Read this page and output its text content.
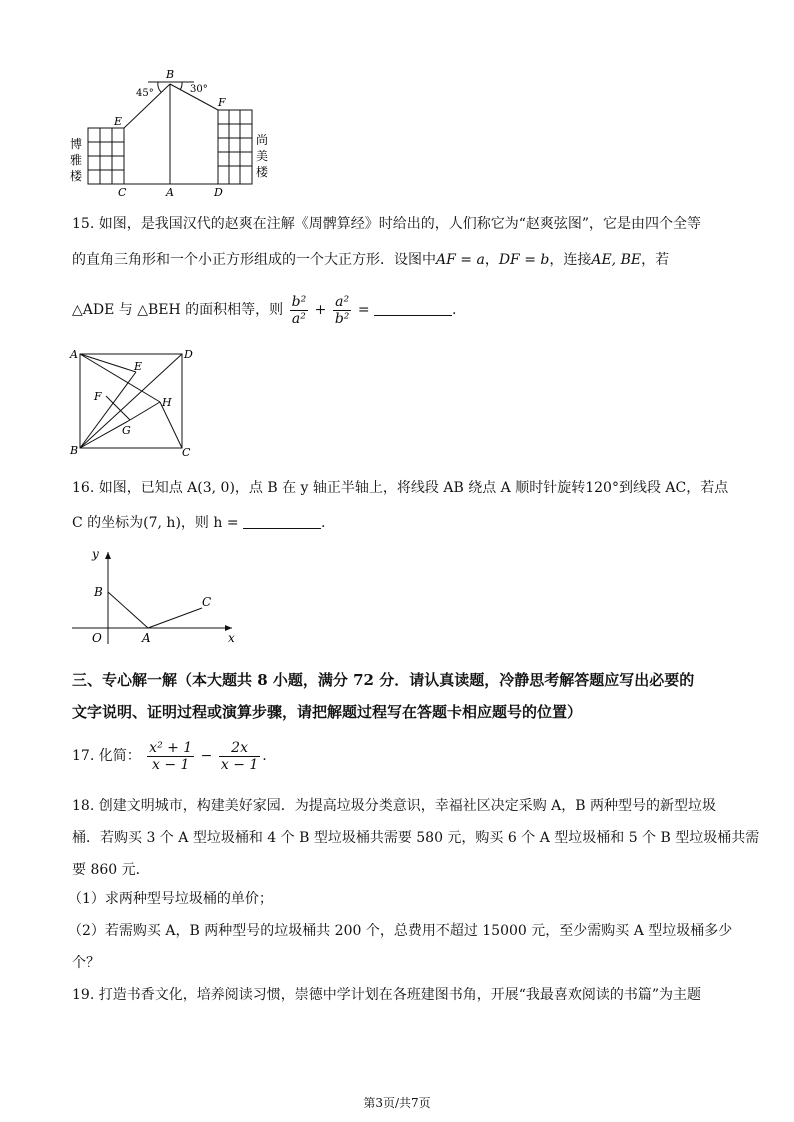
B
45°	30°
E
F
C	A	D
博
雅
楼
尚
美
楼
15. 如图，是我国汉代的赵爽在注解《周髀算经》时给出的，人们称它为“赵爽弦图”，它是由四个全等
的直角三角形和一个小正方形组成的一个大正方形．设图中AF = a，DF = b，连接AE, BE，若
△ADE 与 △BEH 的面积相等，则 $\frac{\text{b²}}{\text{a²}} + \frac{\text{a²}}{\text{b²}}$ =	.
A	D
E
F	H
G
B	C
16. 如图，已知点 A(3, 0)，点 B 在 y 轴正半轴上，将线段 AB 绕点 A 顺时针旋转120°到线段 AC，若点
C 的坐标为(7, h)，则 h =	.
y
B
C
O	A	x
三、专心解一解（本大题共 8 小题，满分 72 分．请认真读题，冷静思考解答题应写出必要的
文字说明、证明过程或演算步骤，请把解题过程写在答题卡相应题号的位置）
17. 化简： $\frac{\text{x² + 1}}{x - 1} - \frac{2x}{x - 1}$ .
18. 创建文明城市，构建美好家园．为提高垃圾分类意识，幸福社区决定采购 A，B 两种型号的新型垃圾
桶．若购买 3 个 A 型垃圾桶和 4 个 B 型垃圾桶共需要 580 元，购买 6 个 A 型垃圾桶和 5 个 B 型垃圾桶共需
要 860 元．
（1）求两种型号垃圾桶的单价；
（2）若需购买 A，B 两种型号的垃圾桶共 200 个，总费用不超过 15000 元，至少需购买 A 型垃圾桶多少
个？
19. 打造书香文化，培养阅读习惯，崇德中学计划在各班建图书角，开展“我最喜欢阅读的书篇”为主题
第3页/共7页
